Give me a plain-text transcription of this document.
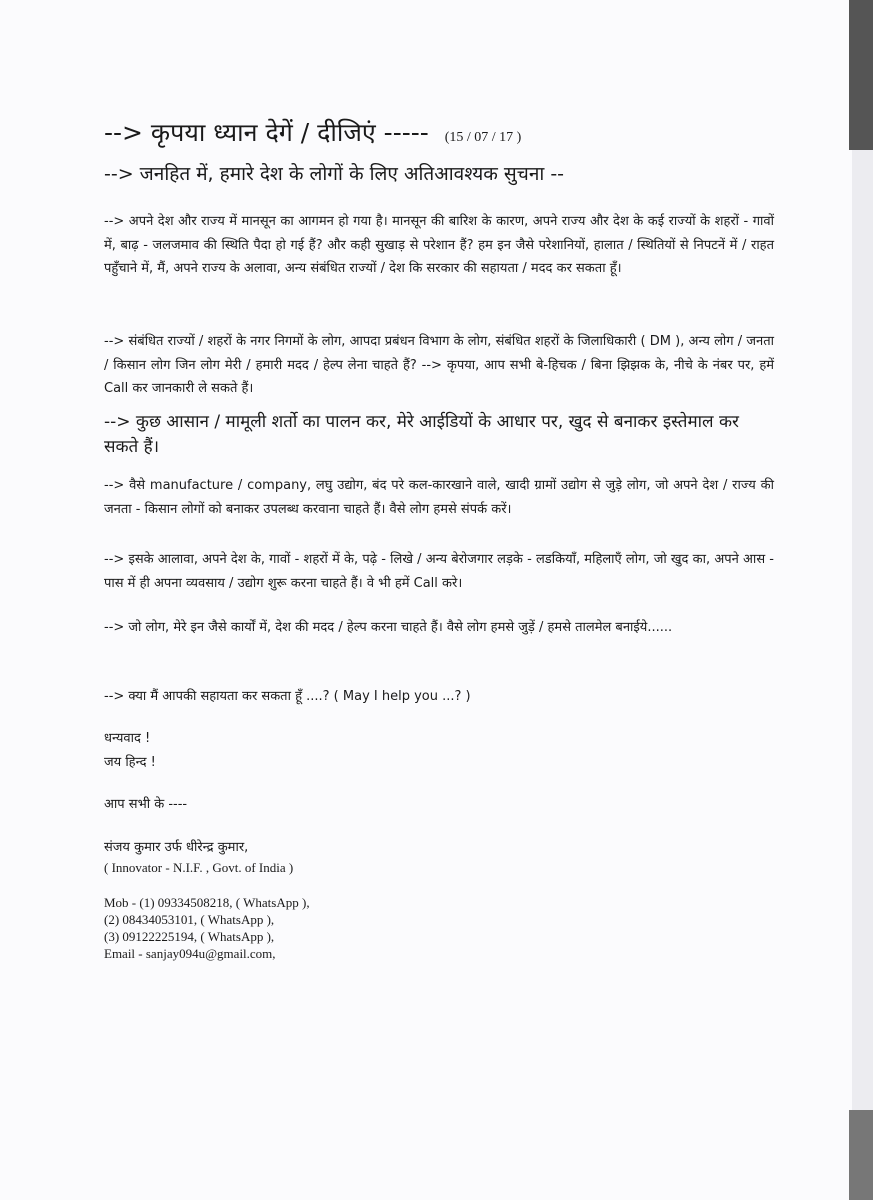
--> कृपया ध्यान देगें / दीजिएं ----- (15 / 07 / 17 )
--> जनहित में, हमारे देश के लोगों के लिए अतिआवश्यक सुचना --
--> अपने देश और राज्य में मानसून का आगमन हो गया है। मानसून की बारिश के कारण, अपने राज्य और देश के कई राज्यों के शहरों - गावों में, बाढ़ - जलजमाव की स्थिति पैदा हो गई हैं? और कही सुखाड़ से परेशान हैं? हम इन जैसे परेशानियों, हालात / स्थितियों से निपटनें में / राहत पहुँचाने में, मैं, अपने राज्य के अलावा, अन्य संबंधित राज्यों / देश कि सरकार की सहायता / मदद कर सकता हूँ।
--> संबंधित राज्यों / शहरों के नगर निगमों के लोग, आपदा प्रबंधन विभाग के लोग, संबंधित शहरों के जिलाधिकारी ( DM ), अन्य लोग / जनता / किसान लोग जिन लोग मेरी / हमारी मदद / हेल्प लेना चाहते हैं? --> कृपया, आप सभी बे-हिचक / बिना झिझक के, नीचे के नंबर पर, हमें Call कर जानकारी ले सकते हैं।
--> कुछ आसान / मामूली शर्तो का पालन कर, मेरे आईडियों के आधार पर, खुद से बनाकर इस्तेमाल कर सकते हैं।
--> वैसे manufacture / company, लघु उद्योग, बंद परे कल-कारखाने वाले, खादी ग्रामों उद्योग से जुड़े लोग, जो अपने देश / राज्य की जनता - किसान लोगों को बनाकर उपलब्ध करवाना चाहते हैं। वैसे लोग हमसे संपर्क करें।
--> इसके आलावा, अपने देश के, गावों - शहरों में के, पढ़े - लिखे / अन्य बेरोजगार लड़के - लडकियाँ, महिलाएँ लोग, जो खुद का, अपने आस - पास में ही अपना व्यवसाय / उद्योग शुरू करना चाहते हैं। वे भी हमें Call करे।
--> जो लोग, मेरे इन जैसे कार्यों में, देश की मदद / हेल्प करना चाहते हैं। वैसे लोग हमसे जुड़ें / हमसे तालमेल बनाईये......
--> क्या मैं आपकी सहायता कर सकता हूँ ....? ( May I help you ...? )
धन्यवाद !
जय हिन्द !
आप सभी के ----
संजय कुमार उर्फ धीरेन्द्र कुमार,
( Innovator - N.I.F. , Govt. of India )
Mob - (1) 09334508218, ( WhatsApp ),
(2) 08434053101, ( WhatsApp ),
(3) 09122225194, ( WhatsApp ),
Email - sanjay094u@gmail.com,
